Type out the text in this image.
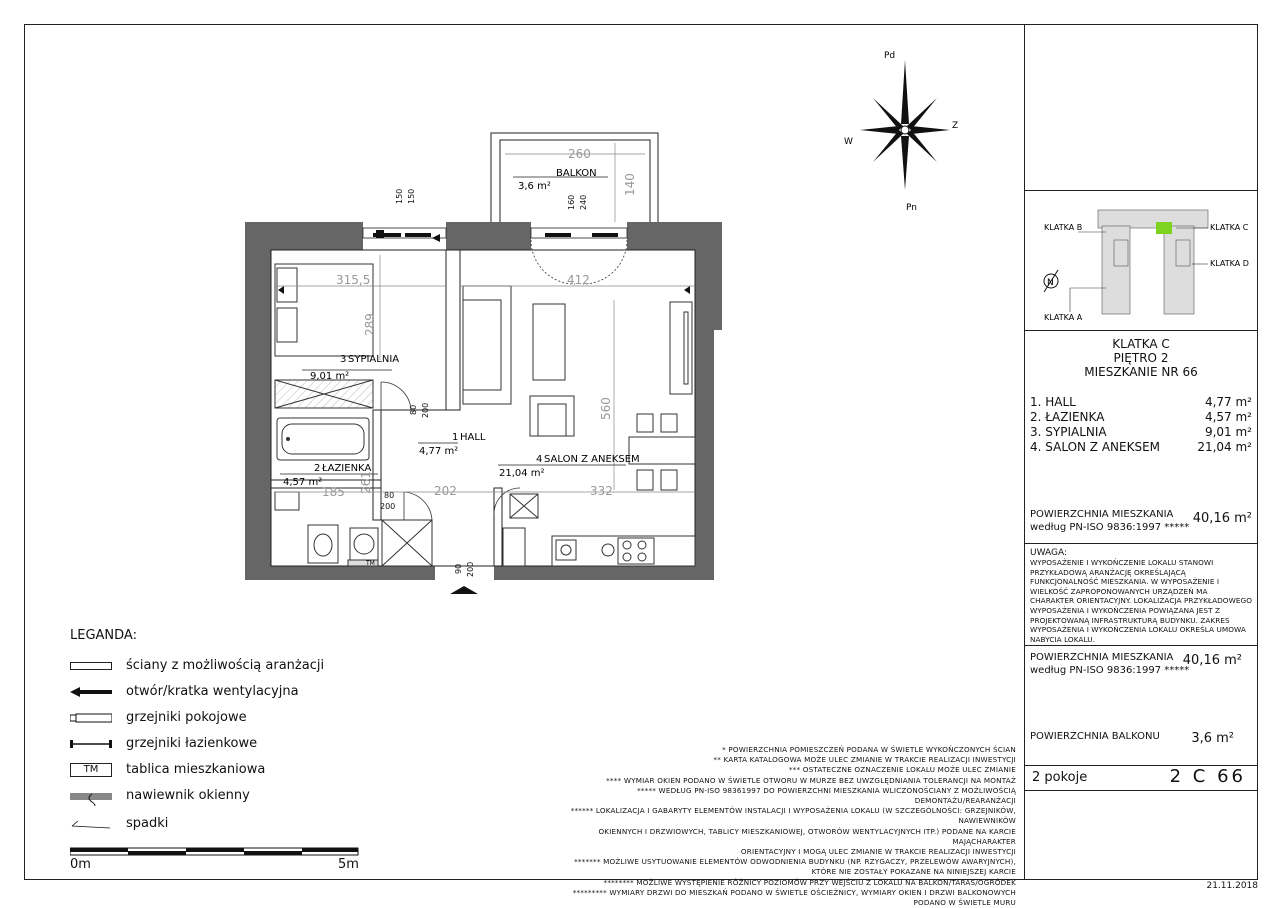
TM
Pd
Pn
Z
W
3 SYPIALNIA
9,01 m²
1 HALL
4,77 m²
4 SALON Z ANEKSEM
21,04 m²
2 ŁAZIENKA
4,57 m²
BALKON
3,6 m²
260
315,5	412
185	202	332
140
289
560
261
150 150	160 240
80 200
90 200
80
200
LEGANDA:
ściany z możliwością aranżacji
otwór/kratka wentylacyjna
grzejniki pokojowe
grzejniki łazienkowe
TM	tablica mieszkaniowa
nawiewnik okienny
spadki
0m	5m
* POWIERZCHNIA POMIESZCZEŃ PODANA W ŚWIETLE WYKOŃCZONYCH ŚCIAN
** KARTA KATALOGOWA MOŻE ULEC ZMIANIE W TRAKCIE REALIZACJI INWESTYCJI
*** OSTATECZNE OZNACZENIE LOKALU MOŻE ULEC ZMIANIE
**** WYMIAR OKIEN PODANO W ŚWIETLE OTWORU W MURZE BEZ UWZGLĘDNIANIA TOLERANCJI NA MONTAŻ
***** WEDŁUG PN-ISO 98361997 DO POWIERZCHNI MIESZKANIA WLICZONOŚCIANY Z MOŻLIWOŚCIĄ DEMONTAŻU/REARANŻACJI
****** LOKALIZACJA I GABARYTY ELEMENTÓW INSTALACJI I WYPOSAŻENIA LOKALU (W SZCZEGÓLNOŚCI: GRZEJNIKÓW, NAWIEWNIKÓW
OKIENNYCH I DRZWIOWYCH, TABLICY MIESZKANIOWEJ, OTWORÓW WENTYLACYJNYCH ITP.) PODANE NA KARCIE MAJĄCHARAKTER
ORIENTACYJNY I MOGĄ ULEC ZMIANIE W TRAKCIE REALIZACJI INWESTYCJI
******* MOŻLIWE USYTUOWANIE ELEMENTÓW ODWODNIENIA BUDYNKU (NP. RZYGACZY, PRZELEWÓW AWARYJNYCH),
KTÓRE NIE ZOSTAŁY POKAZANE NA NINIEJSZEJ KARCIE
******** MOŻLIWE WYSTĘPIENIE RÓŻNICY POZIOMÓW PRZY WEJŚCIU Z LOKALU NA BALKON/TARAS/OGRÓDEK
********* WYMIARY DRZWI DO MIESZKAŃ PODANO W ŚWIETLE OŚCIEŻNICY, WYMIARY OKIEN I DRZWI BALKONOWYCH
PODANO W ŚWIETLE MURU
N
KLATKA B	KLATKA C
KLATKA D
KLATKA A
KLATKA C
PIĘTRO 2
MIESZKANIE NR 66
1. HALL	4,77 m²
2. ŁAZIENKA	4,57 m²
3. SYPIALNIA	9,01 m²
4. SALON Z ANEKSEM	21,04 m²
POWIERZCHNIA MIESZKANIA
według PN-ISO 9836:1997 *****
40,16 m²
UWAGA:
WYPOSAŻENIE I WYKOŃCZENIE LOKALU STANOWI PRZYKŁADOWĄ ARANŻACJĘ OKREŚLAJĄCĄ FUNKCJONALNOŚĆ MIESZKANIA. W WYPOSAŻENIE I WIELKOŚĆ ZAPROPONOWANYCH URZĄDZEŃ MA CHARAKTER ORIENTACYJNY. LOKALIZACJA PRZYKŁADOWEGO WYPOSAŻENIA I WYKOŃCZENIA POWIĄZANA JEST Z PROJEKTOWANĄ INFRASTRUKTURĄ BUDYNKU. ZAKRES WYPOSAŻENIA I WYKOŃCZENIA LOKALU OKREŚLA UMOWA NABYCIA LOKALU.
POWIERZCHNIA MIESZKANIA
według PN-ISO 9836:1997 *****
40,16 m²
POWIERZCHNIA BALKONU	3,6 m²
2 pokoje	2 C 66
21.11.2018
